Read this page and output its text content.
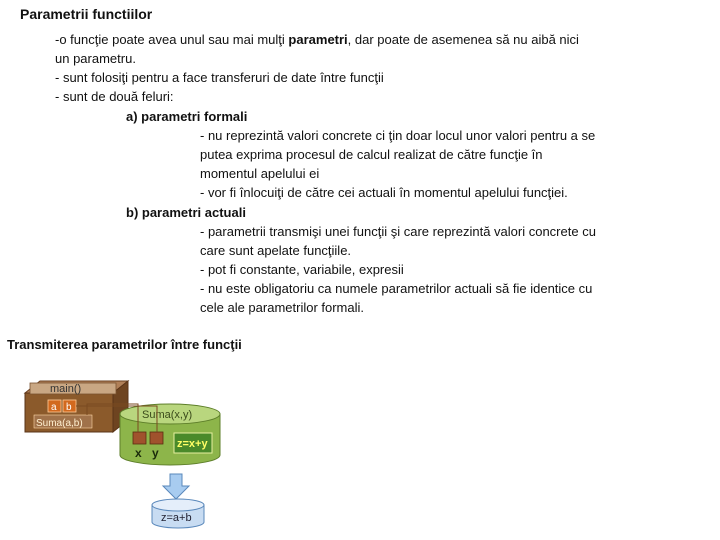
Parametrii functiilor
-o funcţie poate avea unul sau mai mulţi parametri, dar poate de asemenea să nu aibă nici
un parametru.
- sunt folosiţi pentru a face transferuri de date între funcţii
- sunt de două feluri:
a) parametri formali
- nu reprezintă valori concrete ci ţin doar locul unor valori pentru a se
putea exprima procesul de calcul realizat de către funcţie în
momentul apelului ei
- vor fi înlocuiţi de către cei actuali în momentul apelului funcţiei.
b) parametri actuali
- parametrii transmişi unei funcţii şi care reprezintă valori concrete cu
care sunt apelate funcţiile.
- pot fi constante, variabile, expresii
- nu este obligatoriu ca numele parametrilor actuali să fie identice cu
cele ale parametrilor formali.
Transmiterea parametrilor între funcţii
main()
a b
Suma(a,b)
Suma(x,y)
x y
z=x+y
z=a+b
